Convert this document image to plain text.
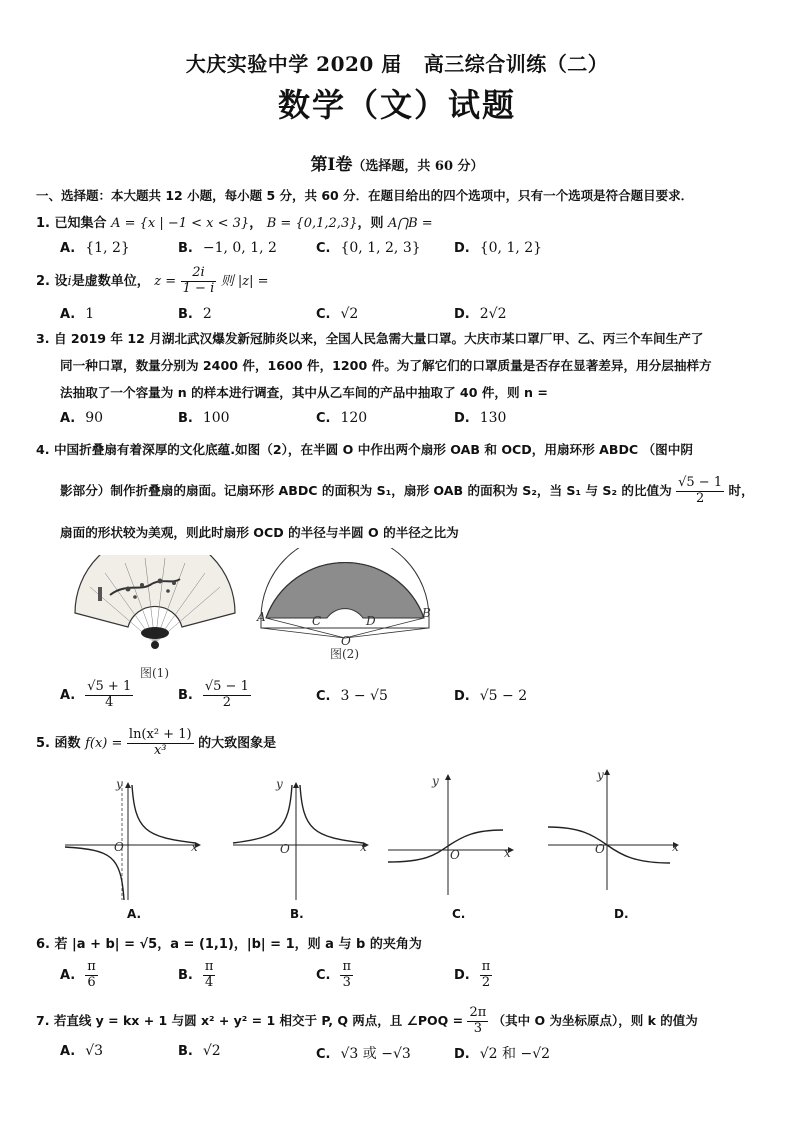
大庆实验中学 2020 届 高三综合训练（二）
数学（文）试题
第Ⅰ卷（选择题，共 60 分）
一、选择题：本大题共 12 小题，每小题 5 分，共 60 分．在题目给出的四个选项中，只有一个选项是符合题目要求．
1. 已知集合 A = {x | −1 < x < 3}， B = {0,1,2,3}，则 A⋂B =
A. {1, 2}	B. −1, 0, 1, 2	C. {0, 1, 2, 3}	D. {0, 1, 2}
2. 设i是虚数单位， $z = \frac{2i}{1 - i}$ 则 |z| =
A. 1	B. 2	C. √2	D. 2√2
3. 自 2019 年 12 月湖北武汉爆发新冠肺炎以来，全国人民急需大量口罩。大庆市某口罩厂甲、乙、丙三个车间生产了
同一种口罩，数量分别为 2400 件，1600 件，1200 件。为了解它们的口罩质量是否存在显著差异，用分层抽样方
法抽取了一个容量为 n 的样本进行调查，其中从乙车间的产品中抽取了 40 件，则 n =
A. 90	B. 100	C. 120	D. 130
4. 中国折叠扇有着深厚的文化底蕴.如图（2），在半圆 O 中作出两个扇形 OAB 和 OCD，用扇环形 ABDC （图中阴
影部分）制作折叠扇的扇面。记扇环形 ABDC 的面积为 S₁，扇形 OAB 的面积为 S₂，当 S₁ 与 S₂ 的比值为 $\frac{√5 - 1}{2}$ 时，
扇面的形状较为美观，则此时扇形 OCD 的半径与半圆 O 的半径之比为
图(1)
A	B
C	D
O
图(2)
A. $\frac{√5 + 1}{4}$	B. $\frac{√5 - 1}{2}$	C. 3 − √5	D. √5 − 2
5. 函数 $f(x) = \frac{\text{ln(x² + 1)}}{\text{x³}}$ 的大致图象是
y
x
O
A.
y
x
O
B.
y
x
O
C.
y
x
O
D.
6. 若 |a + b| = √5，a = (1,1)，|b| = 1，则 a 与 b 的夹角为
A. $\frac{\pi}{6}$	B. $\frac{\pi}{4}$	C. $\frac{\pi}{3}$	D. $\frac{\pi}{2}$
7. 若直线 y = kx + 1 与圆 x² + y² = 1 相交于 P, Q 两点，且 ∠POQ = $\frac{2\pi}{3}$ （其中 O 为坐标原点），则 k 的值为
A. √3	B. √2	C. √3 或 −√3	D. √2 和 −√2
